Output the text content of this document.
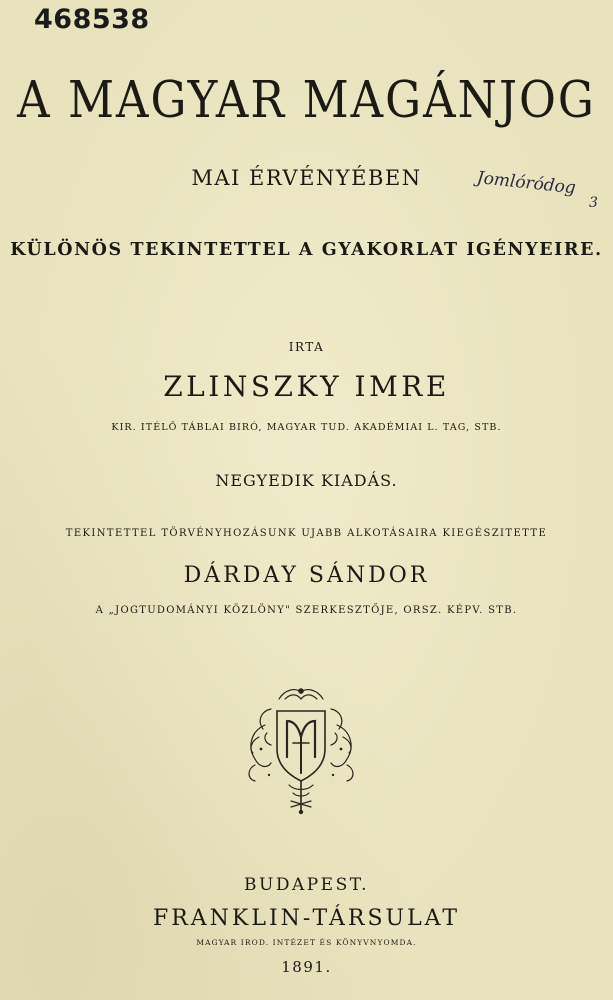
468538
A MAGYAR MAGÁNJOG
MAI ÉRVÉNYÉBEN	Jomlóródog
3
KÜLÖNÖS TEKINTETTEL A GYAKORLAT IGÉNYEIRE.
IRTA
ZLINSZKY IMRE
KIR. ITÉLŐ TÁBLAI BIRÓ, MAGYAR TUD. AKADÉMIAI L. TAG, STB.
NEGYEDIK KIADÁS.
TEKINTETTEL TÖRVÉNYHOZÁSUNK UJABB ALKOTÁSAIRA KIEGÉSZITETTE
DÁRDAY SÁNDOR
A „JOGTUDOMÁNYI KÖZLÖNY" SZERKESZTŐJE, ORSZ. KÉPV. STB.
BUDAPEST.
FRANKLIN-TÁRSULAT
MAGYAR IROD. INTÉZET ÉS KÖNYVNYOMDA.
1891.
